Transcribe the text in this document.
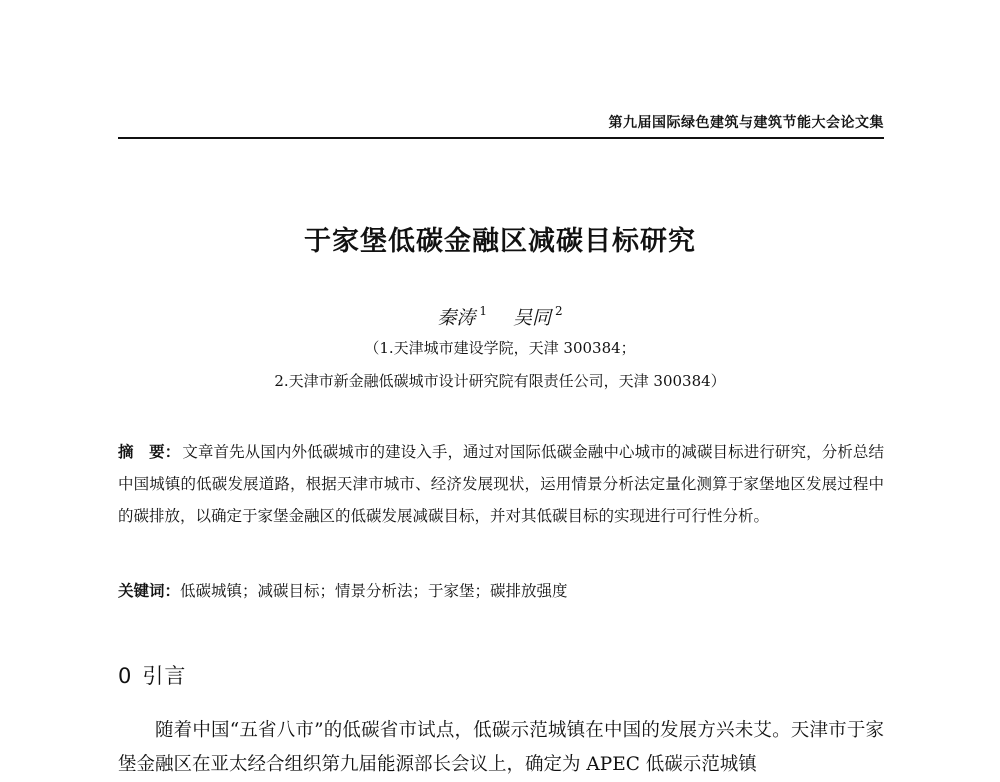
第九届国际绿色建筑与建筑节能大会论文集
于家堡低碳金融区减碳目标研究
秦涛 $^1$ 吴同 $^2$
（1.天津城市建设学院，天津 300384；
2.天津市新金融低碳城市设计研究院有限责任公司，天津 300384）

摘　要： 文章首先从国内外低碳城市的建设入手，通过对国际低碳金融中心城市的减碳目标进行研究，分析总结中国城镇的低碳发展道路，根据天津市城市、经济发展现状，运用情景分析法定量化测算于家堡地区发展过程中的碳排放，以确定于家堡金融区的低碳发展减碳目标，并对其低碳目标的实现进行可行性分析。

关键词：低碳城镇；减碳目标；情景分析法；于家堡；碳排放强度

0 引言

随着中国“五省八市”的低碳省市试点，低碳示范城镇在中国的发展方兴未艾。天津市于家堡金融区在亚太经合组织第九届能源部长会议上，确定为 APEC 低碳示范城镇
